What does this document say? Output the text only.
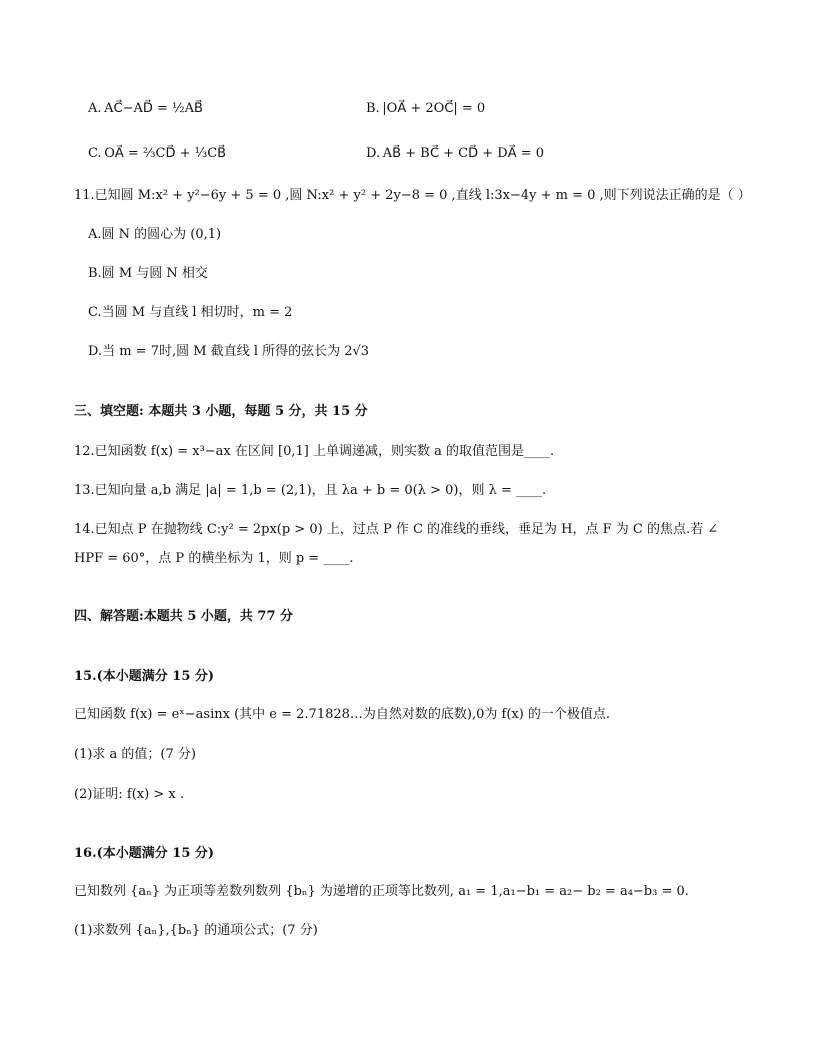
A. AC⃗−AD⃗ = ½AB⃗	B. |OA⃗ + 2OC⃗| = 0
C. OA⃗ = ⅔CD⃗ + ⅓CB⃗	D. AB⃗ + BC⃗ + CD⃗ + DA⃗ = 0
11.已知圆 M:x² + y²−6y + 5 = 0 ,圆 N:x² + y² + 2y−8 = 0 ,直线 l:3x−4y + m = 0 ,则下列说法正确的是（ ）
A.圆 N 的圆心为 (0,1)
B.圆 M 与圆 N 相交
C.当圆 M 与直线 l 相切时，m = 2
D.当 m = 7时,圆 M 截直线 l 所得的弦长为 2√3
三、填空题: 本题共 3 小题，每题 5 分，共 15 分
12.已知函数 f(x) = x³−ax 在区间 [0,1] 上单调递减，则实数 a 的取值范围是____.
13.已知向量 a,b 满足 |a| = 1,b = (2,1)，且 λa + b = 0(λ > 0)，则 λ = ____.
14.已知点 P 在抛物线 C:y² = 2px(p > 0) 上，过点 P 作 C 的准线的垂线，垂足为 H，点 F 为 C 的焦点.若 ∠
HPF = 60°，点 P 的横坐标为 1，则 p = ____.
四、解答题:本题共 5 小题，共 77 分
15.(本小题满分 15 分)
已知函数 f(x) = eˣ−asinx (其中 e = 2.71828…为自然对数的底数),0为 f(x) 的一个极值点.
(1)求 a 的值；(7 分)
(2)证明: f(x) > x .
16.(本小题满分 15 分)
已知数列 {aₙ} 为正项等差数列数列 {bₙ} 为递增的正项等比数列, a₁ = 1,a₁−b₁ = a₂− b₂ = a₄−b₃ = 0.
(1)求数列 {aₙ},{bₙ} 的通项公式；(7 分)
